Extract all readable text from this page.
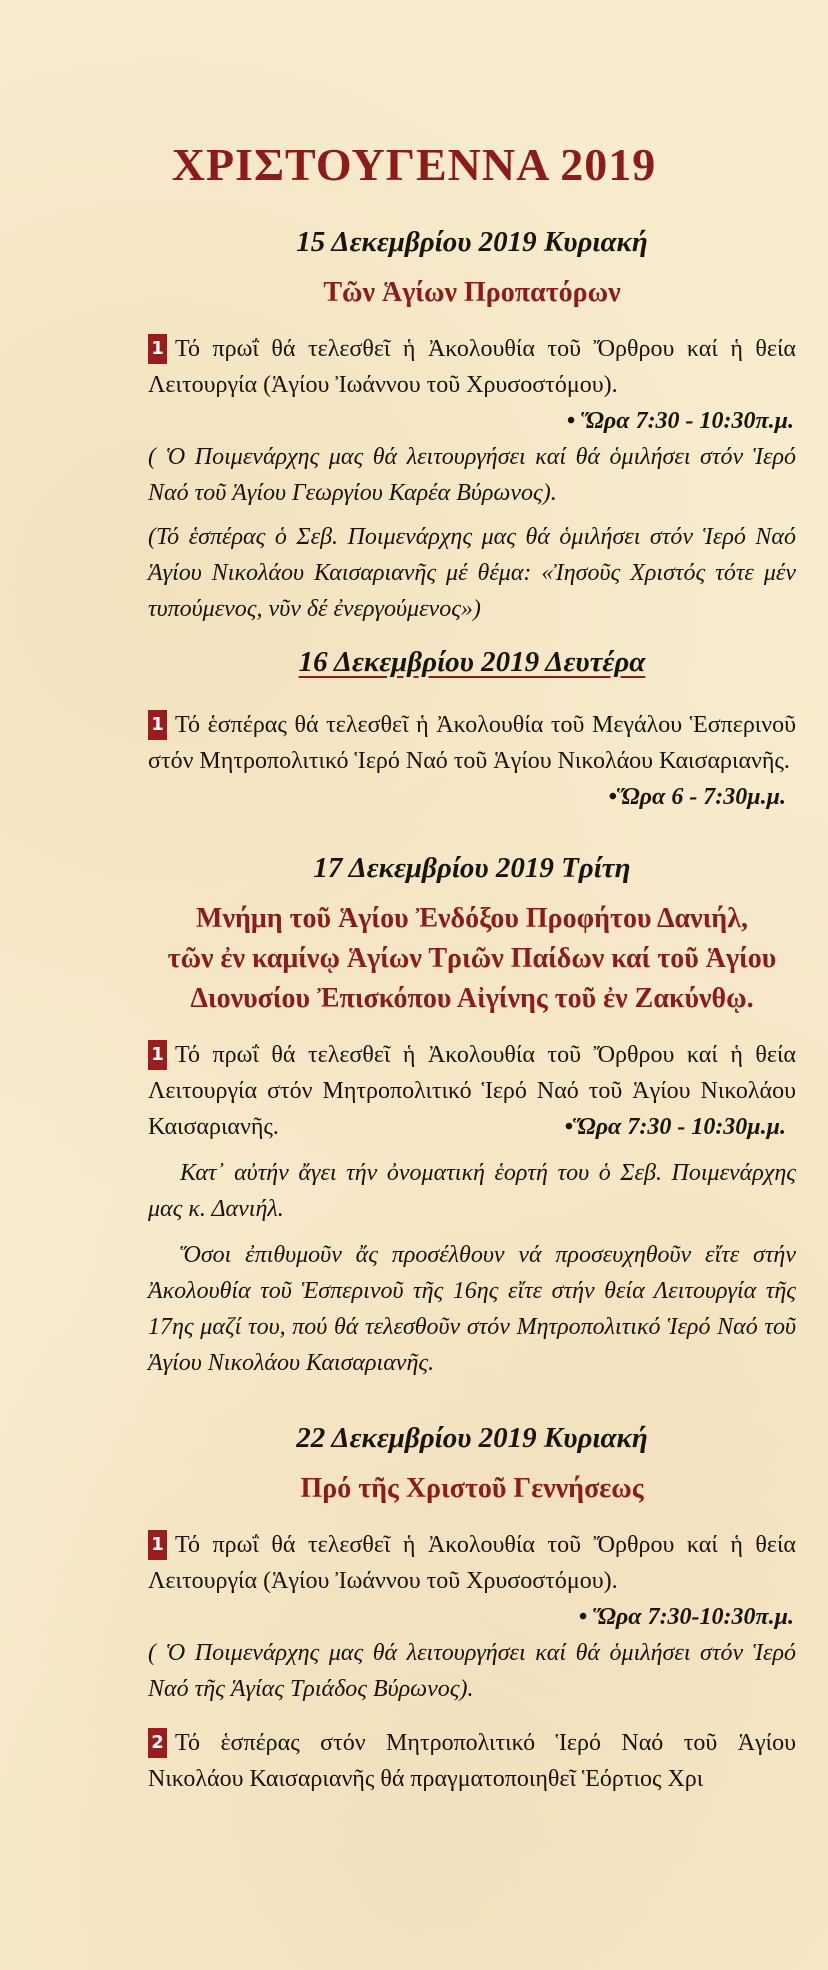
ΧΡΙΣΤΟΥΓΕΝΝΑ 2019

15 Δεκεμβρίου 2019 Κυριακή

Τῶν Ἁγίων Προπατόρων

1 Τό πρωΐ θά τελεσθεῖ ἡ Ἀκολουθία τοῦ Ὄρθρου καί ἡ θεία Λειτουργία (Ἁγίου Ἰωάννου τοῦ Χρυσοστόμου).

• Ὥρα 7:30 - 10:30π.μ.

( Ὁ Ποιμενάρχης μας θά λειτουργήσει καί θά ὁμιλήσει στόν Ἱερό Ναό τοῦ Ἁγίου Γεωργίου Καρέα Βύρωνος).

(Τό ἑσπέρας ὁ Σεβ. Ποιμενάρχης μας θά ὁμιλήσει στόν Ἱερό Ναό Ἁγίου Νικολάου Καισαριανῆς μέ θέμα: «Ἰησοῦς Χριστός τότε μέν τυπούμενος, νῦν δέ ἐνεργούμενος»)

16 Δεκεμβρίου 2019 Δευτέρα

1 Τό ἑσπέρας θά τελεσθεῖ ἡ Ἀκολουθία τοῦ Μεγάλου Ἑσπερινοῦ στόν Μητροπολιτικό Ἱερό Ναό τοῦ Ἁγίου Νικολάου Καισαριανῆς.
•Ὥρα 6 - 7:30μ.μ.

17 Δεκεμβρίου 2019 Τρίτη

Μνήμη τοῦ Ἁγίου Ἐνδόξου Προφήτου Δανιήλ,

τῶν ἐν καμίνῳ Ἁγίων Τριῶν Παίδων καί τοῦ Ἁγίου

Διονυσίου Ἐπισκόπου Αἰγίνης τοῦ ἐν Ζακύνθῳ.

1 Τό πρωΐ θά τελεσθεῖ ἡ Ἀκολουθία τοῦ Ὄρθρου καί ἡ θεία Λειτουργία στόν Μητροπολιτικό Ἱερό Ναό τοῦ Ἁγίου Νικολάου Καισαριανῆς.	•Ὥρα 7:30 - 10:30μ.μ.

Κατ᾿ αὐτήν ἄγει τήν ὀνοματική ἑορτή του ὁ Σεβ. Ποιμενάρχης μας κ. Δανιήλ.

Ὅσοι ἐπιθυμοῦν ἄς προσέλθουν νά προσευχηθοῦν εἴτε στήν Ἀκολουθία τοῦ Ἑσπερινοῦ τῆς 16ης εἴτε στήν θεία Λειτουργία τῆς 17ης μαζί του, πού θά τελεσθοῦν στόν Μητροπολιτικό Ἱερό Ναό τοῦ Ἁγίου Νικολάου Καισαριανῆς.

22 Δεκεμβρίου 2019 Κυριακή

Πρό τῆς Χριστοῦ Γεννήσεως

1 Τό πρωΐ θά τελεσθεῖ ἡ Ἀκολουθία τοῦ Ὄρθρου καί ἡ θεία Λειτουργία (Ἁγίου Ἰωάννου τοῦ Χρυσοστόμου).

• Ὥρα 7:30-10:30π.μ.

( Ὁ Ποιμενάρχης μας θά λειτουργήσει καί θά ὁμιλήσει στόν Ἱερό Ναό τῆς Ἁγίας Τριάδος Βύρωνος).

2 Τό ἑσπέρας στόν Μητροπολιτικό Ἱερό Ναό τοῦ Ἁγίου Νικολάου Καισαριανῆς θά πραγματοποιηθεῖ Ἑόρτιος Χρι
